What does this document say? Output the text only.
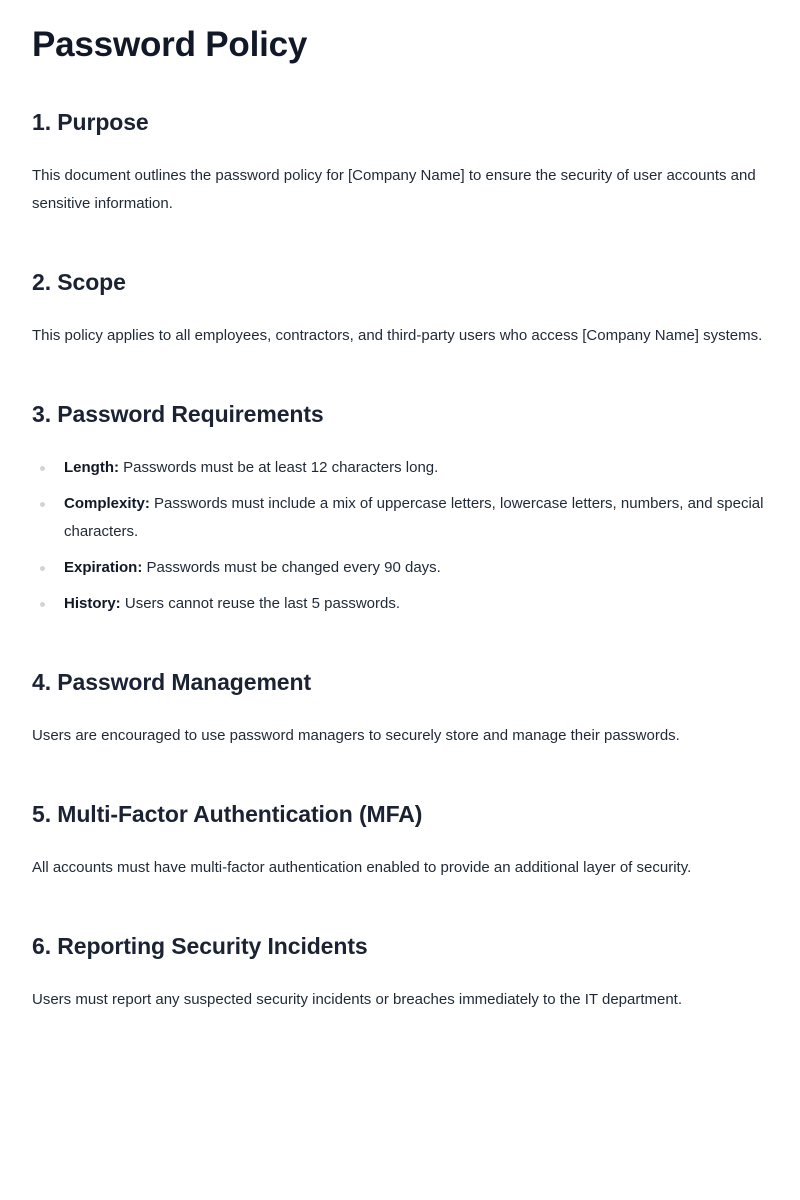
Password Policy
1. Purpose

This document outlines the password policy for [Company Name] to ensure the security of user accounts and sensitive information.

2. Scope

This policy applies to all employees, contractors, and third-party users who access [Company Name] systems.

3. Password Requirements
Length: Passwords must be at least 12 characters long.
Complexity: Passwords must include a mix of uppercase letters, lowercase letters, numbers, and special characters.
Expiration: Passwords must be changed every 90 days.
History: Users cannot reuse the last 5 passwords.
4. Password Management

Users are encouraged to use password managers to securely store and manage their passwords.

5. Multi-Factor Authentication (MFA)

All accounts must have multi-factor authentication enabled to provide an additional layer of security.

6. Reporting Security Incidents

Users must report any suspected security incidents or breaches immediately to the IT department.
